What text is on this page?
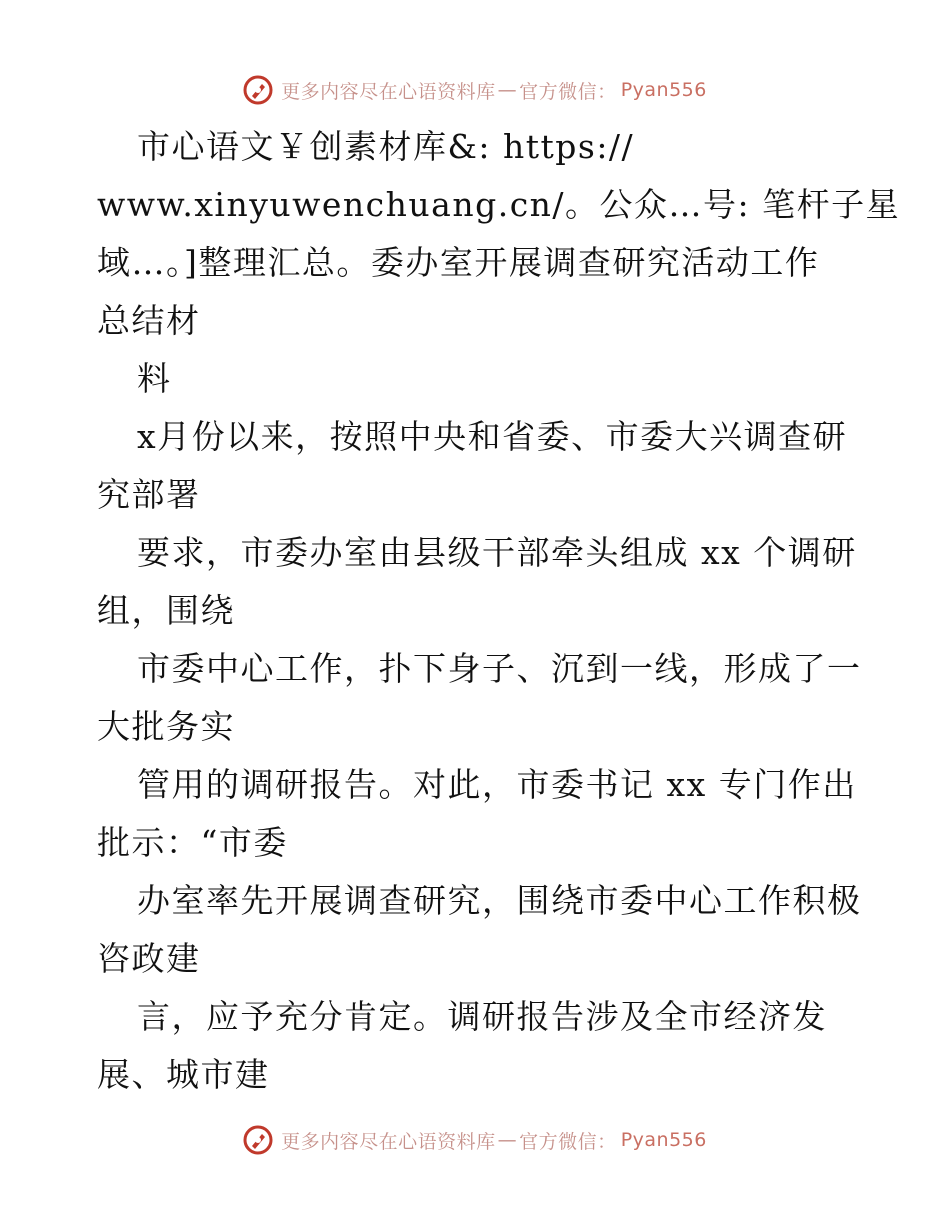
更多内容尽在心语资料库 — 官方微信： Pyan556
市心语文￥创素材库&: https://
www.xinyuwenchuang.cn/。公众…号: 笔杆子星
域…。]整理汇总。委办室开展调查研究活动工作
总结材
料
x月份以来，按照中央和省委、市委大兴调查研
究部署
要求，市委办室由县级干部牵头组成 xx 个调研
组，围绕
市委中心工作，扑下身子、沉到一线，形成了一
大批务实
管用的调研报告。对此，市委书记 xx 专门作出
批示：“市委
办室率先开展调查研究，围绕市委中心工作积极
咨政建
言，应予充分肯定。调研报告涉及全市经济发
展、城市建
更多内容尽在心语资料库 — 官方微信： Pyan556
